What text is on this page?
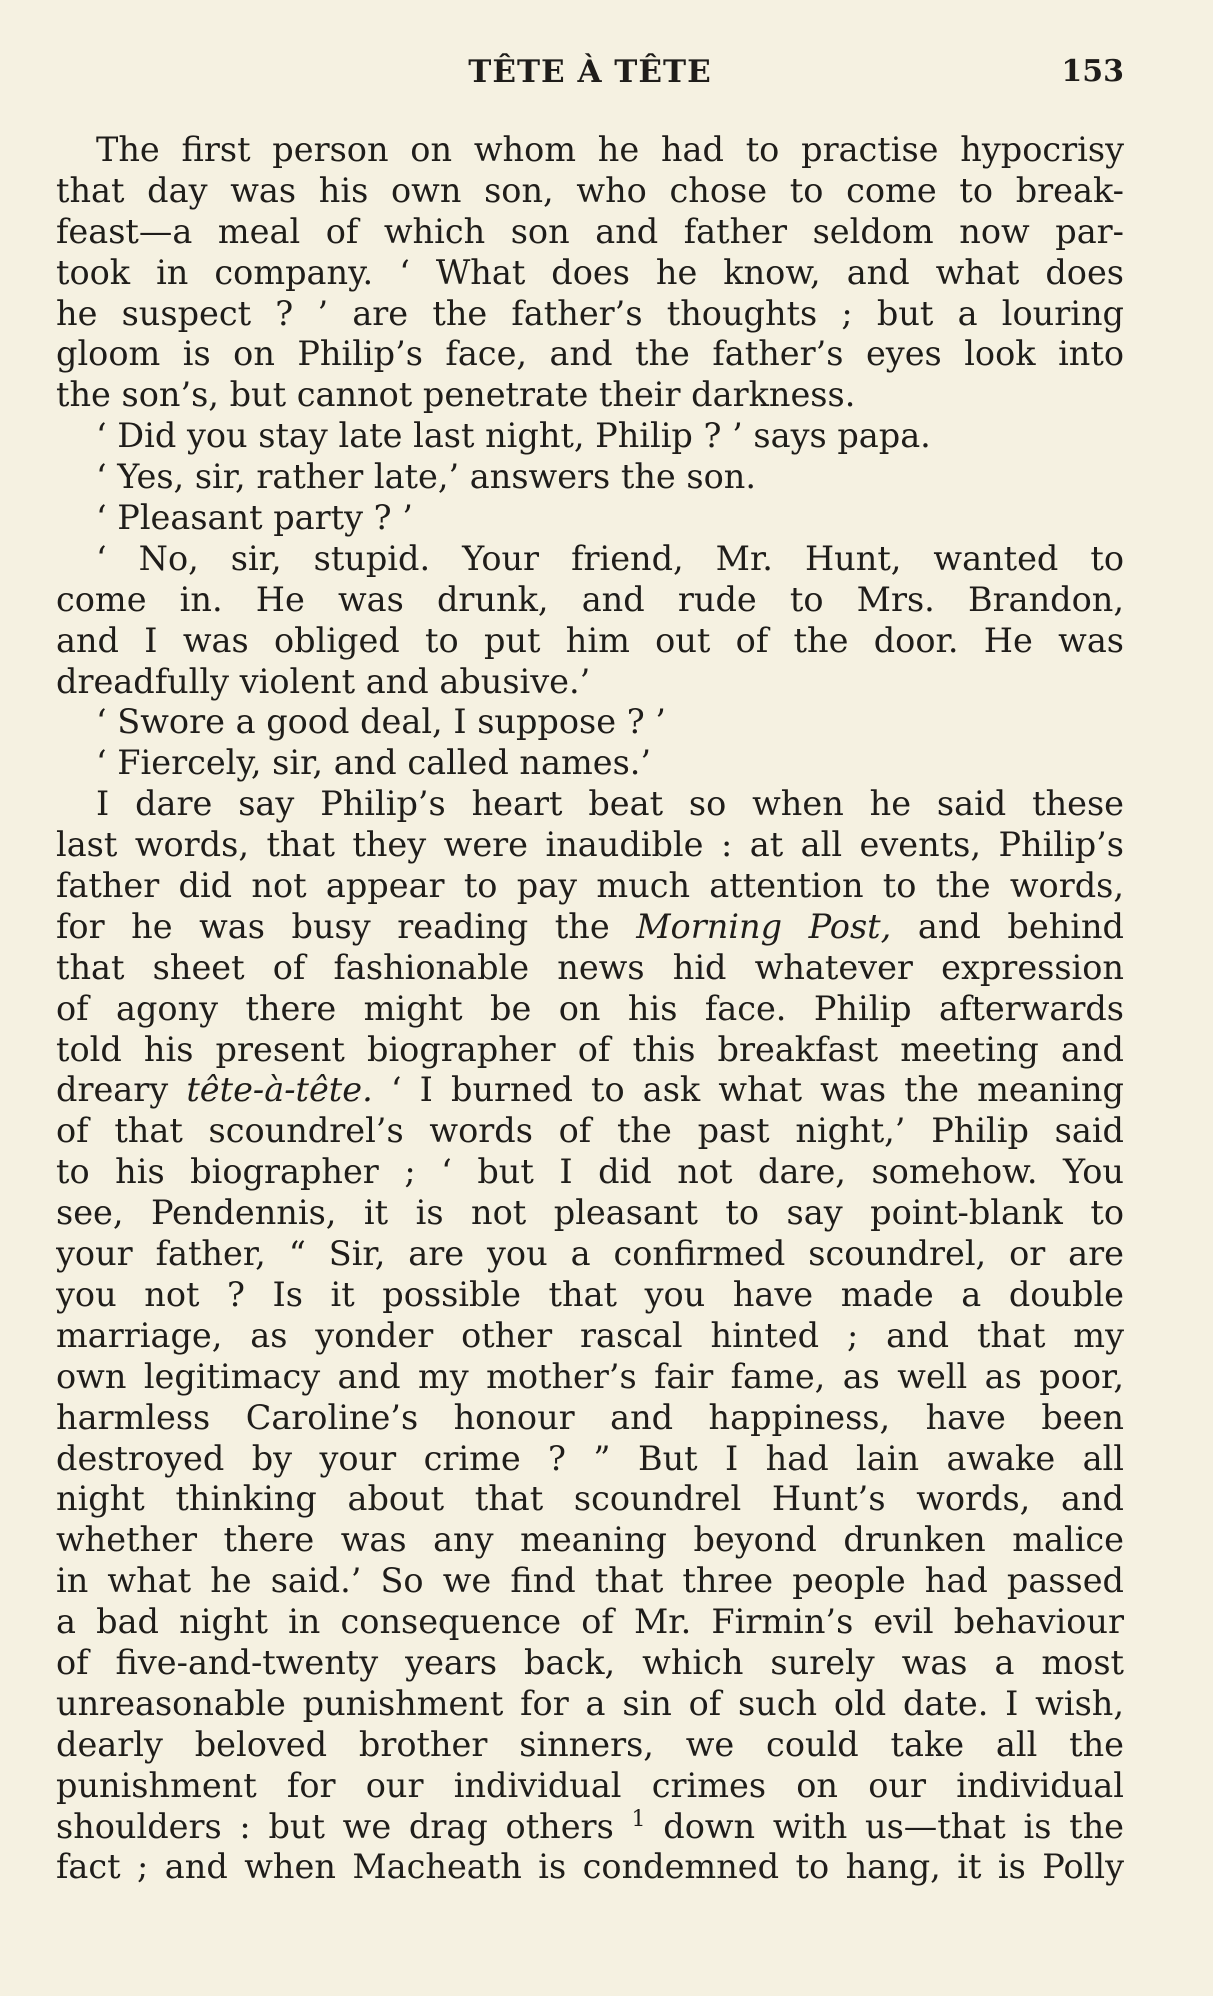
TÊTE À TÊTE	153
The first person on whom he had to practise hypocrisy
that day was his own son, who chose to come to break-
feast—a meal of which son and father seldom now par-
took in company. ‘ What does he know, and what does
he suspect ? ’ are the father’s thoughts ; but a louring
gloom is on Philip’s face, and the father’s eyes look into
the son’s, but cannot penetrate their darkness.
‘ Did you stay late last night, Philip ? ’ says papa.
‘ Yes, sir, rather late,’ answers the son.
‘ Pleasant party ? ’
‘ No, sir, stupid. Your friend, Mr. Hunt, wanted to
come in. He was drunk, and rude to Mrs. Brandon,
and I was obliged to put him out of the door. He was
dreadfully violent and abusive.’
‘ Swore a good deal, I suppose ? ’
‘ Fiercely, sir, and called names.’
I dare say Philip’s heart beat so when he said these
last words, that they were inaudible : at all events, Philip’s
father did not appear to pay much attention to the words,
for he was busy reading the Morning Post, and behind
that sheet of fashionable news hid whatever expression
of agony there might be on his face. Philip afterwards
told his present biographer of this breakfast meeting and
dreary tête-à-tête. ‘ I burned to ask what was the meaning
of that scoundrel’s words of the past night,’ Philip said
to his biographer ; ‘ but I did not dare, somehow. You
see, Pendennis, it is not pleasant to say point-blank to
your father, “ Sir, are you a confirmed scoundrel, or are
you not ? Is it possible that you have made a double
marriage, as yonder other rascal hinted ; and that my
own legitimacy and my mother’s fair fame, as well as poor,
harmless Caroline’s honour and happiness, have been
destroyed by your crime ? ” But I had lain awake all
night thinking about that scoundrel Hunt’s words, and
whether there was any meaning beyond drunken malice
in what he said.’ So we find that three people had passed
a bad night in consequence of Mr. Firmin’s evil behaviour
of five-and-twenty years back, which surely was a most
unreasonable punishment for a sin of such old date. I wish,
dearly beloved brother sinners, we could take all the
punishment for our individual crimes on our individual
shoulders : but we drag others $^1$ down with us—that is the
fact ; and when Macheath is condemned to hang, it is Polly
